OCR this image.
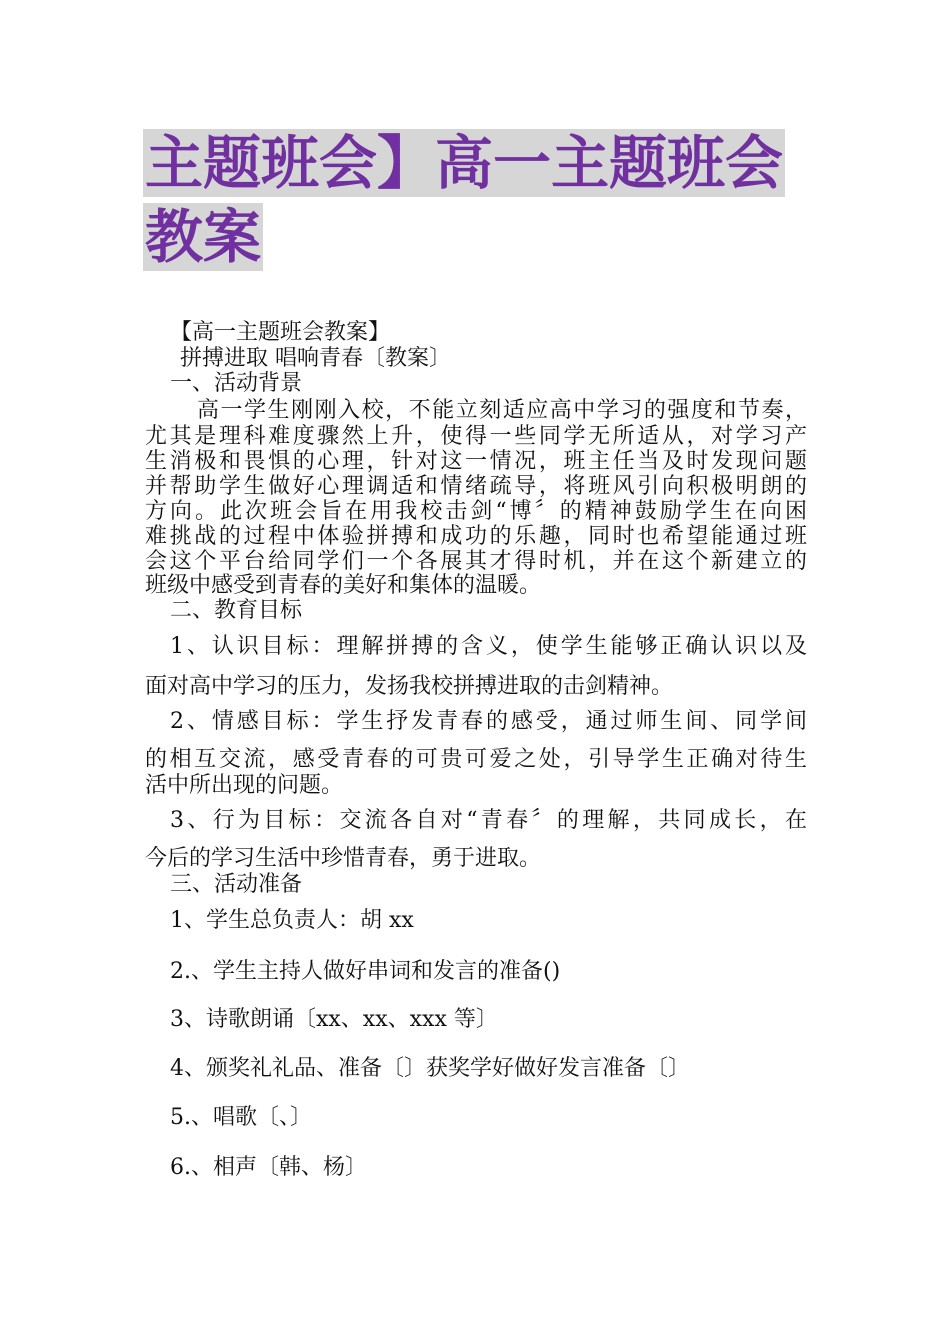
主题班会】高一主题班会
教案
【高一主题班会教案】
拼搏进取 唱响青春〔教案〕
一、活动背景
高一学生刚刚入校，不能立刻适应高中学习的强度和节奏，
尤其是理科难度骤然上升，使得一些同学无所适从，对学习产
生消极和畏惧的心理，针对这一情况，班主任当及时发现问题
并帮助学生做好心理调适和情绪疏导，将班风引向积极明朗的
方向。此次班会旨在用我校击剑“博〞的精神鼓励学生在向困
难挑战的过程中体验拼搏和成功的乐趣，同时也希望能通过班
会这个平台给同学们一个各展其才得时机，并在这个新建立的
班级中感受到青春的美好和集体的温暖。
二、教育目标
1、认识目标：理解拼搏的含义，使学生能够正确认识以及
面对高中学习的压力，发扬我校拼搏进取的击剑精神。
2、情感目标：学生抒发青春的感受，通过师生间、同学间
的相互交流，感受青春的可贵可爱之处，引导学生正确对待生
活中所出现的问题。
3、行为目标：交流各自对“青春〞的理解，共同成长，在
今后的学习生活中珍惜青春，勇于进取。
三、活动准备
1、学生总负责人：胡 xx
2.、学生主持人做好串词和发言的准备()
3、诗歌朗诵〔xx、xx、xxx 等〕
4、颁奖礼礼品、准备〔〕获奖学好做好发言准备〔〕
5.、唱歌〔、〕
6.、相声〔韩、杨〕
